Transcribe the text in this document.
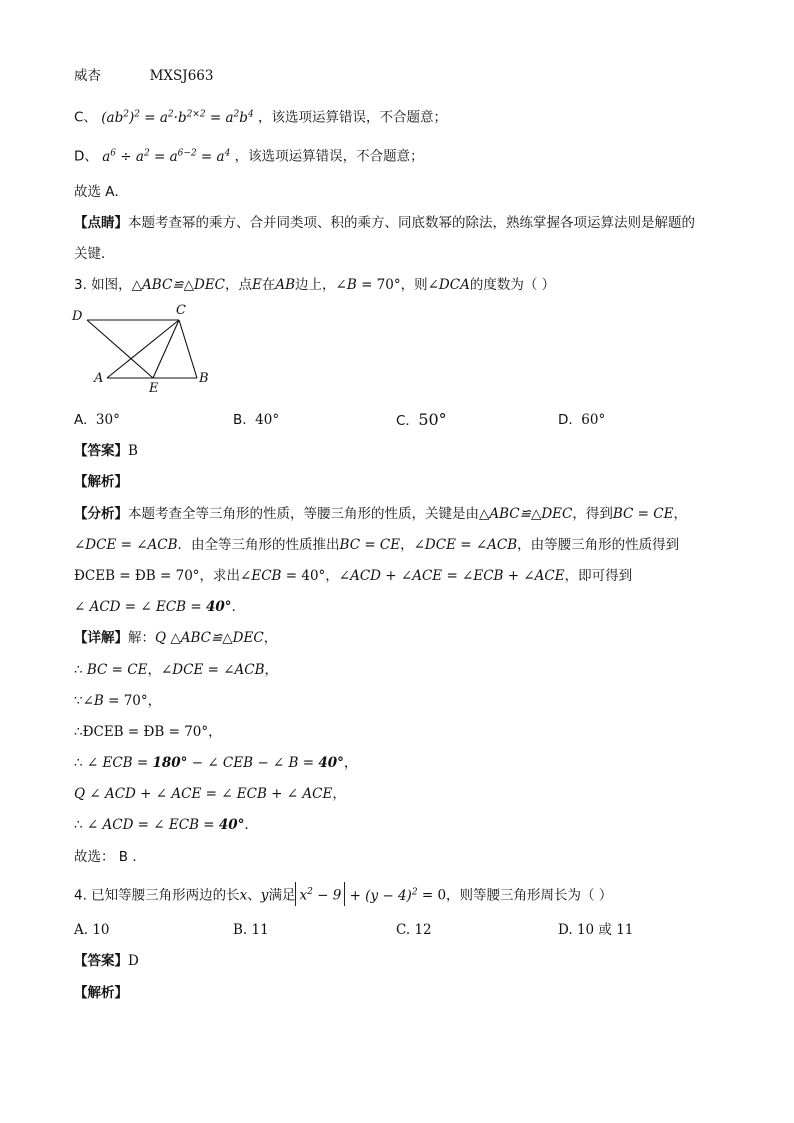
威杏	MXSJ663
C、 $(ab^2)^2 = a^2\cdot b^{2\times 2} = a^2b^4$ ，该选项运算错误，不合题意；
D、 $a^6 \div a^2 = a^{6-2} = a^4$ ，该选项运算错误，不合题意；
故选 A．
【点睛】本题考查幂的乘方、合并同类项、积的乘方、同底数幂的除法，熟练掌握各项运算法则是解题的
关键．
3. 如图，△ABC≌△DEC，点E在AB边上，∠B = 70°，则∠DCA的度数为（ ）
D	C
A
E
B
A. 30°	B. 40°	C. 50°	D. 60°
【答案】B
【解析】
【分析】本题考查全等三角形的性质，等腰三角形的性质，关键是由△ABC≌△DEC，得到BC = CE，
∠DCE = ∠ACB．由全等三角形的性质推出BC = CE，∠DCE = ∠ACB，由等腰三角形的性质得到
ÐCEB = ÐB = 70°，求出∠ECB = 40°，∠ACD + ∠ACE = ∠ECB + ∠ACE，即可得到
∠ ACD = ∠ ECB = 40°．
【详解】解：Q △ABC≌△DEC，
∴ BC = CE，∠DCE = ∠ACB，
∵∠B = 70°，
∴ÐCEB = ÐB = 70°，
∴ ∠ ECB = 180° − ∠ CEB − ∠ B = 40°，
Q ∠ ACD + ∠ ACE = ∠ ECB + ∠ ACE，
∴ ∠ ACD = ∠ ECB = 40°．
故选： B ．
4. 已知等腰三角形两边的长x、y满足 $x^2 - 9 + (y - 4)^2 = 0$，则等腰三角形周长为（ ）
A. 10	B. 11	C. 12	D. 10 或 11
【答案】D
【解析】
